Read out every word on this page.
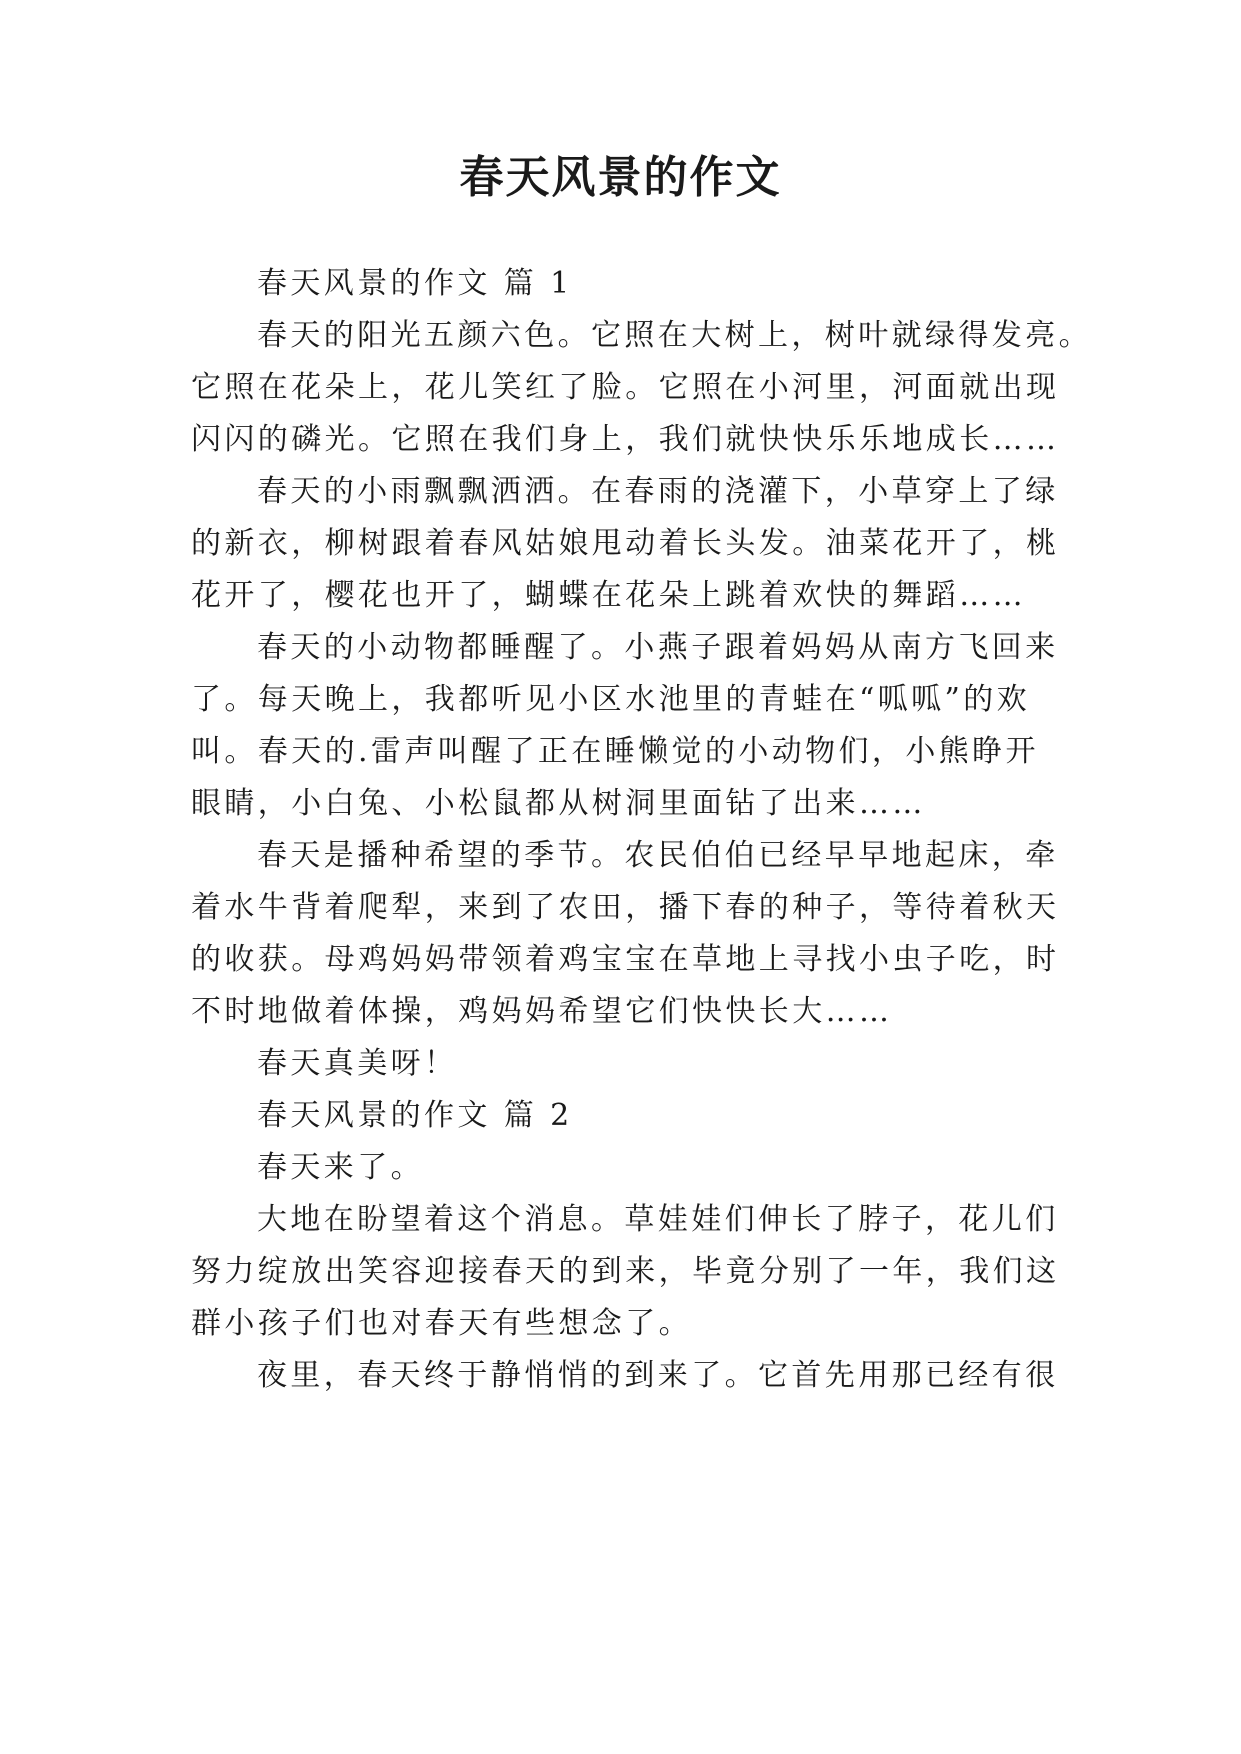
春天风景的作文
春天风景的作文 篇 1
春天的阳光五颜六色。它照在大树上，树叶就绿得发亮。
它照在花朵上，花儿笑红了脸。它照在小河里，河面就出现
闪闪的磷光。它照在我们身上，我们就快快乐乐地成长……
春天的小雨飘飘洒洒。在春雨的浇灌下，小草穿上了绿
的新衣，柳树跟着春风姑娘甩动着长头发。油菜花开了，桃
花开了，樱花也开了，蝴蝶在花朵上跳着欢快的舞蹈……
春天的小动物都睡醒了。小燕子跟着妈妈从南方飞回来
了。每天晚上，我都听见小区水池里的青蛙在“呱呱”的欢
叫。春天的.雷声叫醒了正在睡懒觉的小动物们，小熊睁开
眼睛，小白兔、小松鼠都从树洞里面钻了出来……
春天是播种希望的季节。农民伯伯已经早早地起床，牵
着水牛背着爬犁，来到了农田，播下春的种子，等待着秋天
的收获。母鸡妈妈带领着鸡宝宝在草地上寻找小虫子吃，时
不时地做着体操，鸡妈妈希望它们快快长大……
春天真美呀！
春天风景的作文 篇 2
春天来了。
大地在盼望着这个消息。草娃娃们伸长了脖子，花儿们
努力绽放出笑容迎接春天的到来，毕竟分别了一年，我们这
群小孩子们也对春天有些想念了。
夜里，春天终于静悄悄的到来了。它首先用那已经有很
